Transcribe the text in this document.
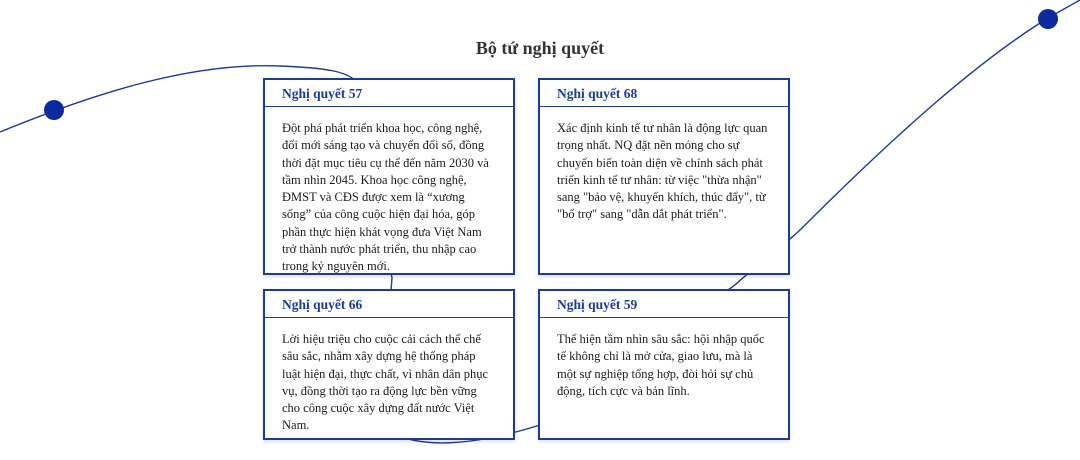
Bộ tứ nghị quyết
Nghị quyết 57
Đột phá phát triển khoa học, công nghệ, đổi mới sáng tạo và chuyển đổi số, đồng thời đặt mục tiêu cụ thể đến năm 2030 và tầm nhìn 2045. Khoa học công nghệ, ĐMST và CĐS được xem là “xương sống” của công cuộc hiện đại hóa, góp phần thực hiện khát vọng đưa Việt Nam trở thành nước phát triển, thu nhập cao trong kỷ nguyên mới.
Nghị quyết 68
Xác định kinh tế tư nhân là động lực quan trọng nhất. NQ đặt nền móng cho sự chuyển biến toàn diện về chính sách phát triển kinh tế tư nhân: từ việc "thừa nhận" sang "bảo vệ, khuyến khích, thúc đẩy", từ "bổ trợ" sang "dẫn dắt phát triển".
Nghị quyết 66
Lời hiệu triệu cho cuộc cải cách thể chế sâu sắc, nhằm xây dựng hệ thống pháp luật hiện đại, thực chất, vì nhân dân phục vụ, đồng thời tạo ra động lực bền vững cho công cuộc xây dựng đất nước Việt Nam.
Nghị quyết 59
Thể hiện tầm nhìn sâu sắc: hội nhập quốc tế không chỉ là mở cửa, giao lưu, mà là một sự nghiệp tổng hợp, đòi hỏi sự chủ động, tích cực và bản lĩnh.
